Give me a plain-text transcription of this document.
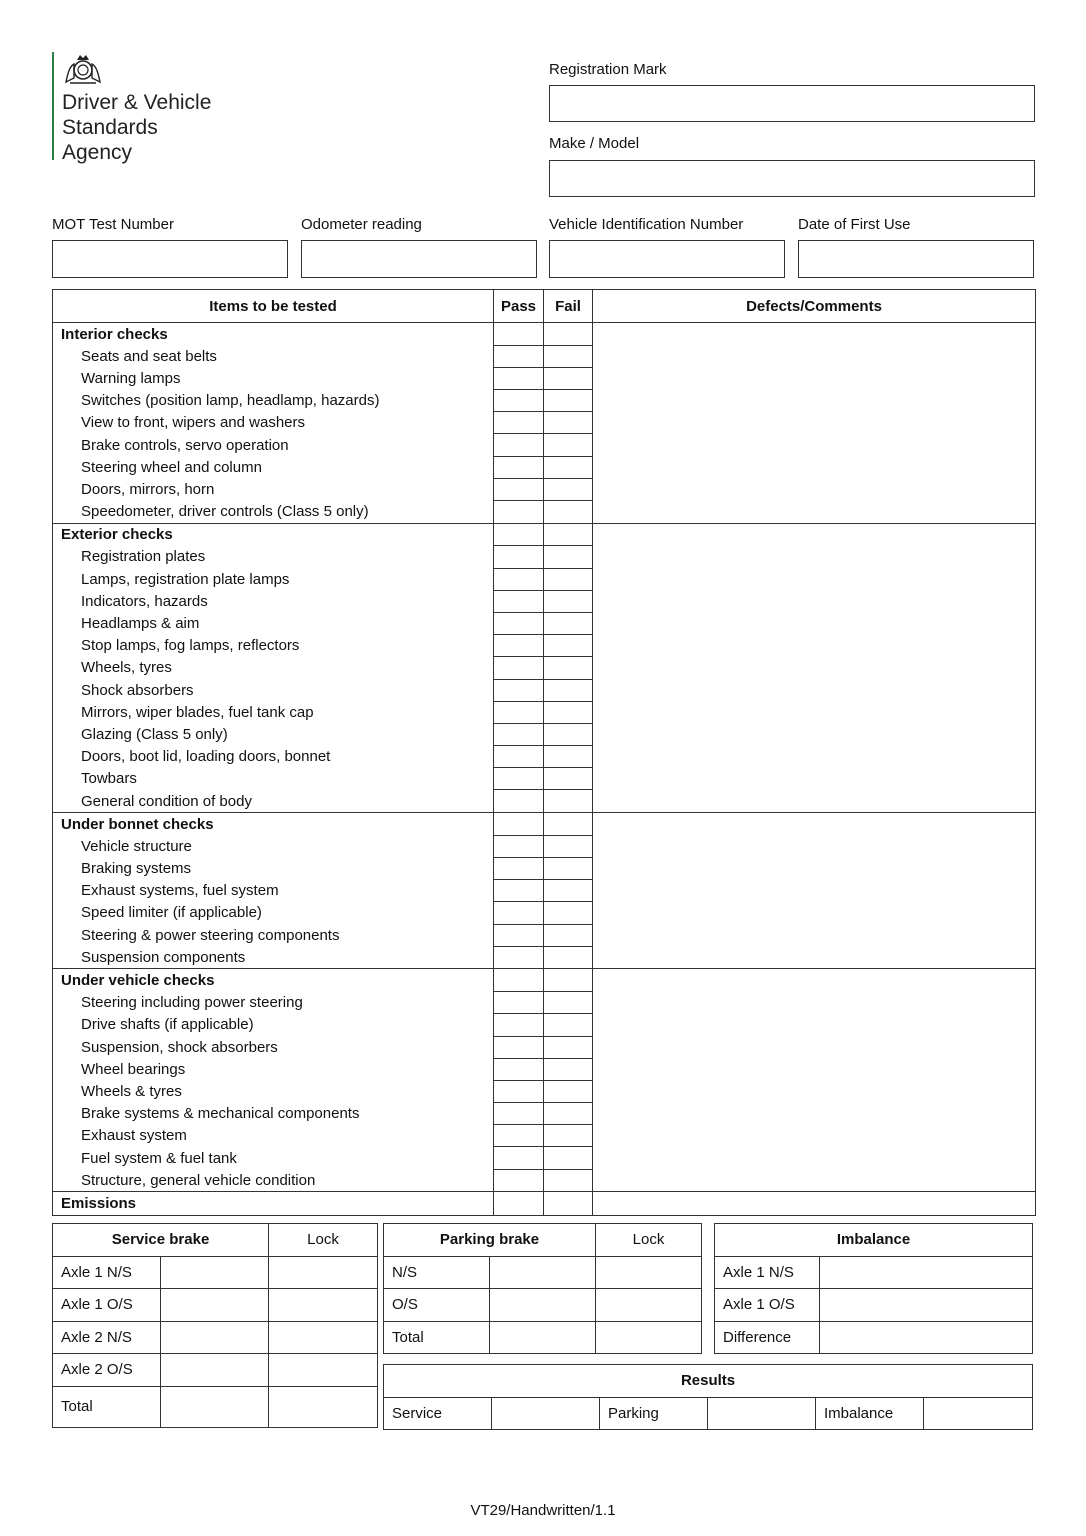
Driver & Vehicle
Standards
Agency
Registration Mark
Make / Model
MOT Test Number	Odometer reading	Vehicle Identification Number	Date of First Use
Items to be tested	Pass	Fail	Defects/Comments
Interior checks			
Seats and seat belts			
Warning lamps			
Switches (position lamp, headlamp, hazards)			
View to front, wipers and washers			
Brake controls, servo operation			
Steering wheel and column			
Doors, mirrors, horn			
Speedometer, driver controls (Class 5 only)			
Exterior checks			
Registration plates			
Lamps, registration plate lamps			
Indicators, hazards			
Headlamps & aim			
Stop lamps, fog lamps, reflectors			
Wheels, tyres			
Shock absorbers			
Mirrors, wiper blades, fuel tank cap			
Glazing (Class 5 only)			
Doors, boot lid, loading doors, bonnet			
Towbars			
General condition of body			
Under bonnet checks			
Vehicle structure			
Braking systems			
Exhaust systems, fuel system			
Speed limiter (if applicable)			
Steering & power steering components			
Suspension components			
Under vehicle checks			
Steering including power steering			
Drive shafts (if applicable)			
Suspension, shock absorbers			
Wheel bearings			
Wheels & tyres			
Brake systems & mechanical components			
Exhaust system			
Fuel system & fuel tank			
Structure, general vehicle condition			
Emissions			
Service brake		Lock
Axle 1 N/S		
Axle 1 O/S		
Axle 2 N/S		
Axle 2 O/S		
Total		
Parking brake		Lock
N/S		
O/S		
Total		
Imbalance	
Axle 1 N/S	
Axle 1 O/S	
Difference	
Results
Service		Parking		Imbalance	
VT29/Handwritten/1.1
